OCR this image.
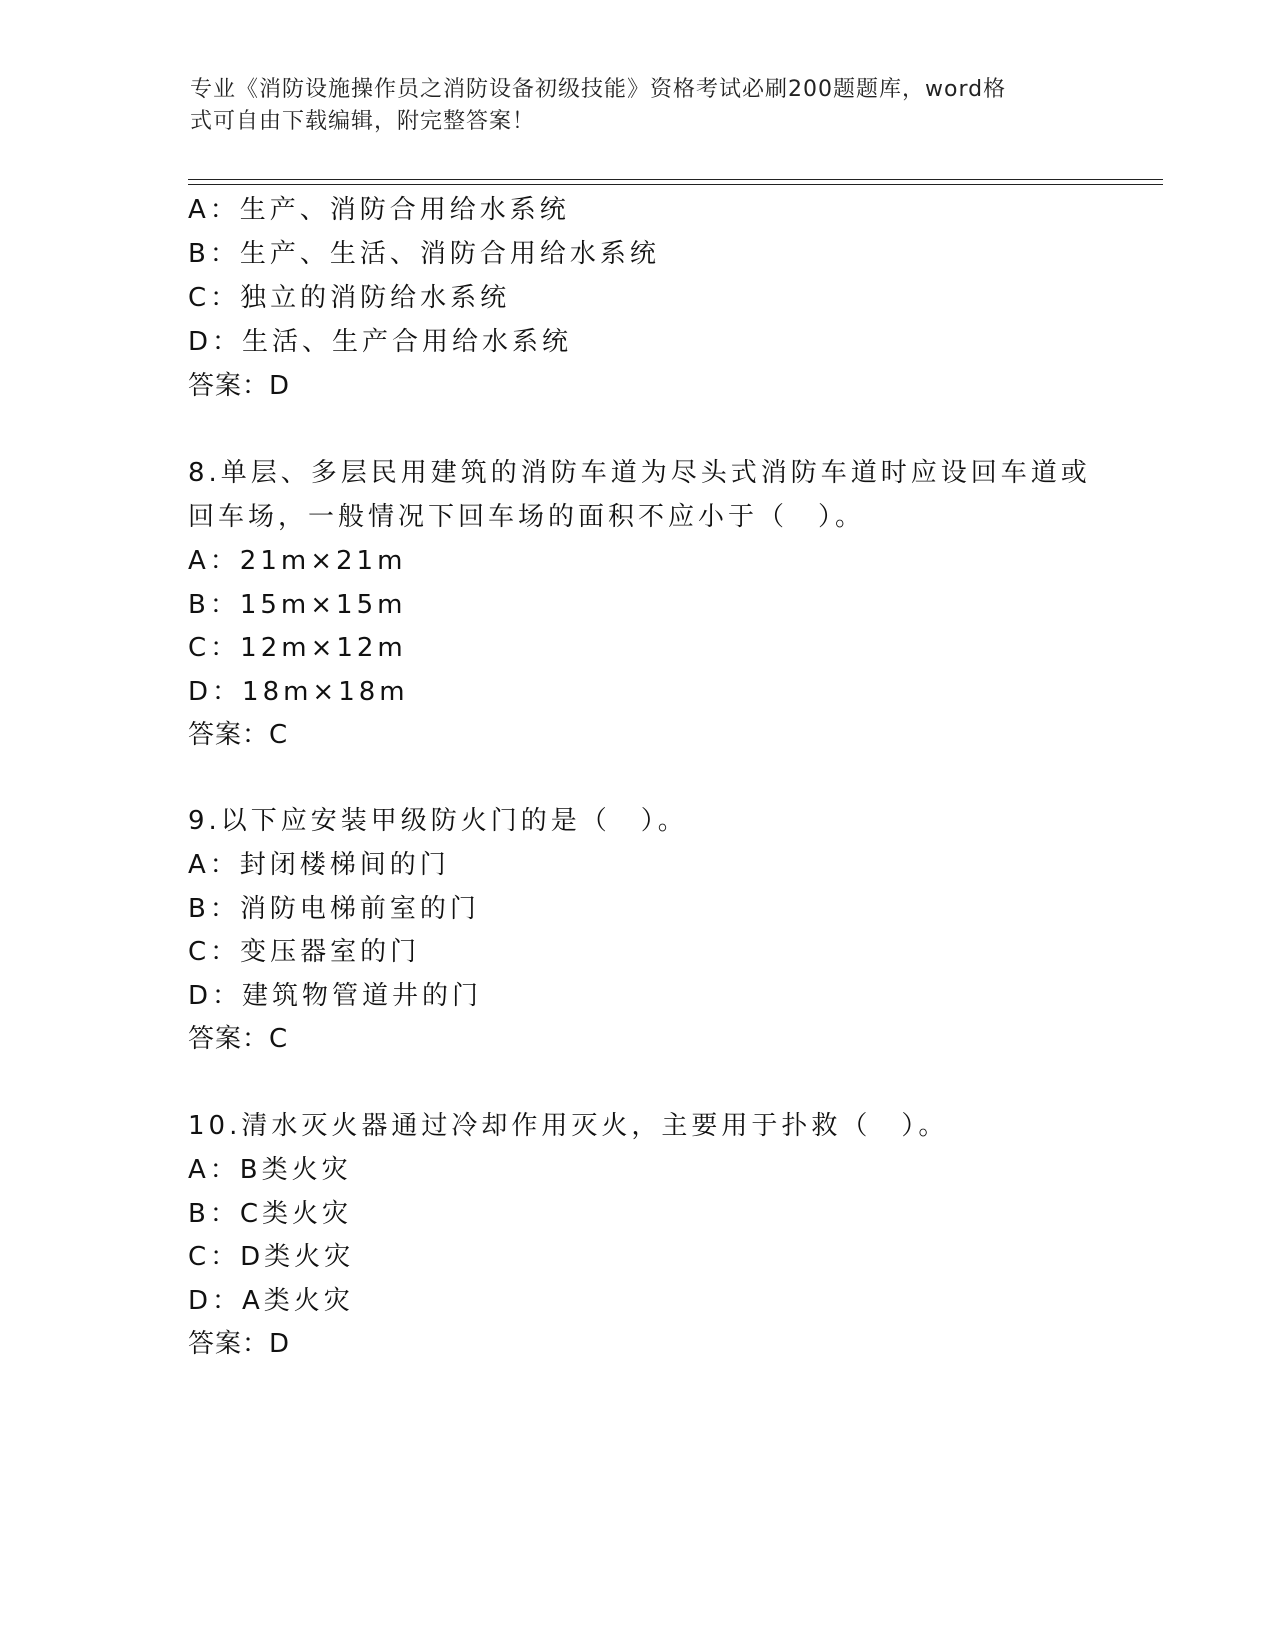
专业《消防设施操作员之消防设备初级技能》资格考试必刷200题题库，word格
式可自由下载编辑，附完整答案！
A：生产、消防合用给水系统
B：生产、生活、消防合用给水系统
C：独立的消防给水系统
D：生活、生产合用给水系统
答案：D
8.单层、多层民用建筑的消防车道为尽头式消防车道时应设回车道或
回车场，一般情况下回车场的面积不应小于（　）。
A：21m×21m
B：15m×15m
C：12m×12m
D：18m×18m
答案：C
9.以下应安装甲级防火门的是（　）。
A：封闭楼梯间的门
B：消防电梯前室的门
C：变压器室的门
D：建筑物管道井的门
答案：C
10.清水灭火器通过冷却作用灭火，主要用于扑救（　）。
A：B类火灾
B：C类火灾
C：D类火灾
D：A类火灾
答案：D
